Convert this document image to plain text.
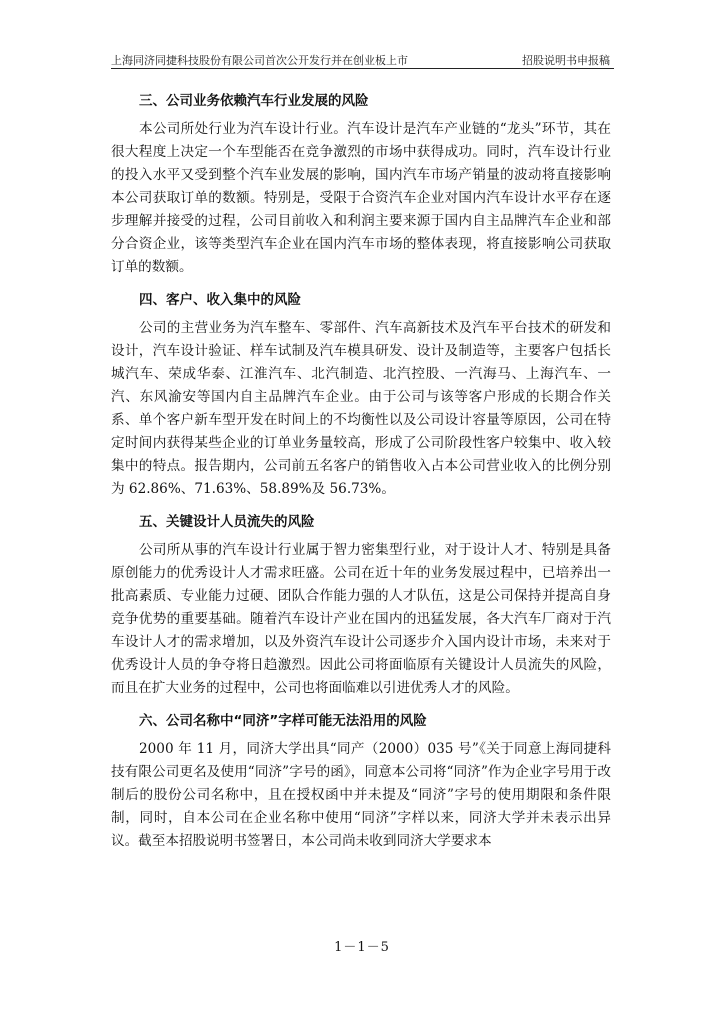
上海同济同捷科技股份有限公司首次公开发行并在创业板上市	招股说明书申报稿
三、公司业务依赖汽车行业发展的风险

本公司所处行业为汽车设计行业。汽车设计是汽车产业链的“龙头”环节，其在很大程度上决定一个车型能否在竞争激烈的市场中获得成功。同时，汽车设计行业的投入水平又受到整个汽车业发展的影响，国内汽车市场产销量的波动将直接影响本公司获取订单的数额。特别是，受限于合资汽车企业对国内汽车设计水平存在逐步理解并接受的过程，公司目前收入和利润主要来源于国内自主品牌汽车企业和部分合资企业，该等类型汽车企业在国内汽车市场的整体表现，将直接影响公司获取订单的数额。

四、客户、收入集中的风险

公司的主营业务为汽车整车、零部件、汽车高新技术及汽车平台技术的研发和设计，汽车设计验证、样车试制及汽车模具研发、设计及制造等，主要客户包括长城汽车、荣成华泰、江淮汽车、北汽制造、北汽控股、一汽海马、上海汽车、一汽、东风渝安等国内自主品牌汽车企业。由于公司与该等客户形成的长期合作关系、单个客户新车型开发在时间上的不均衡性以及公司设计容量等原因，公司在特定时间内获得某些企业的订单业务量较高，形成了公司阶段性客户较集中、收入较集中的特点。报告期内，公司前五名客户的销售收入占本公司营业收入的比例分别为 62.86%、71.63%、58.89%及 56.73%。

五、关键设计人员流失的风险

公司所从事的汽车设计行业属于智力密集型行业，对于设计人才、特别是具备原创能力的优秀设计人才需求旺盛。公司在近十年的业务发展过程中，已培养出一批高素质、专业能力过硬、团队合作能力强的人才队伍，这是公司保持并提高自身竞争优势的重要基础。随着汽车设计产业在国内的迅猛发展，各大汽车厂商对于汽车设计人才的需求增加，以及外资汽车设计公司逐步介入国内设计市场，未来对于优秀设计人员的争夺将日趋激烈。因此公司将面临原有关键设计人员流失的风险，而且在扩大业务的过程中，公司也将面临难以引进优秀人才的风险。

六、公司名称中“同济”字样可能无法沿用的风险

2000 年 11 月，同济大学出具“同产（2000）035 号”《关于同意上海同捷科技有限公司更名及使用“同济”字号的函》，同意本公司将“同济”作为企业字号用于改制后的股份公司名称中，且在授权函中并未提及“同济”字号的使用期限和条件限制，同时，自本公司在企业名称中使用“同济”字样以来，同济大学并未表示出异议。截至本招股说明书签署日，本公司尚未收到同济大学要求本

1－1－5
